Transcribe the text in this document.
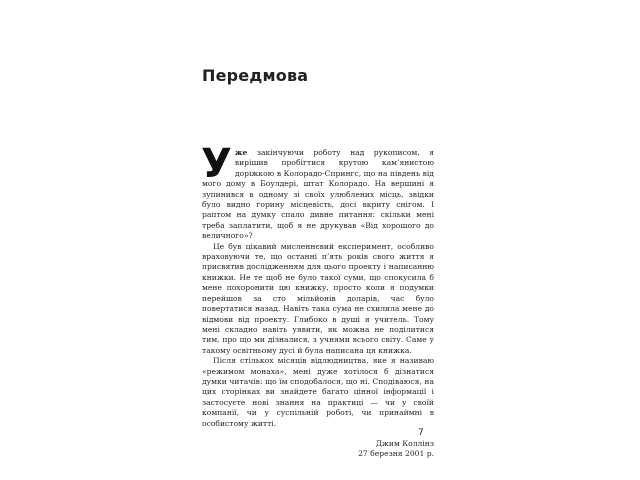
Передмова

Уже закінчуючи роботу над рукописом, я вирішив пробігтися крутою кам’янистою доріжкою в Колорадо-Спрингс, що на південь від мого дому в Боулдері, штат Колорадо. На вершині я зупинився в одному зі своїх улюблених місць, звідки було видно горину місцевість, досі вкриту снігом. І раптом на думку спало дивне питання: скільки мені треба заплатити, щоб я не друкував «Від хорошого до величного»?

Це був цікавий мисленнєвий експеримент, особливо враховуючи те, що останні п’ять років свого життя я присвятив дослідженням для цього проекту і написанню книжки. Не те щоб не було такої суми, що спокусила б мене похоронити цю книжку, просто коли я подумки перейшов за сто мільйонів доларів, час було повертатися назад. Навіть така сума не схилила мене до відмови від проекту. Глибоко в душі я учитель. Тому мені складно навіть уявити, як можна не поділитися тим, про що ми дізналися, з учнями всього світу. Саме у такому освітньому дусі й була написана ця книжка.

Після стількох місяців відлюдництва, яке я називаю «режимом монаха», мені дуже хотілося б дізнатися думки читачів: що їм сподобалося, що ні. Сподіваюся, на цих сторінках ви знайдете багато цінної інформації і застосуєте нові знання на практиці — чи у своїй компанії, чи у суспільній роботі, чи принаймні в особистому житті.

Джим Коллінз
27 березня 2001 р.
7
